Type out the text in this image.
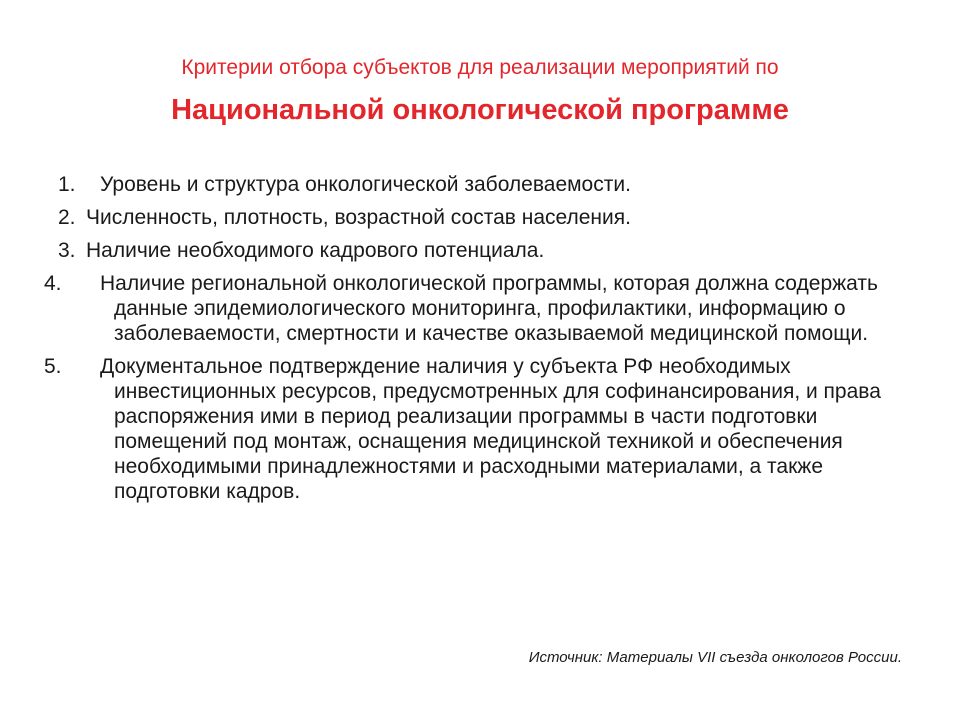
Критерии отбора субъектов для реализации мероприятий по
Национальной онкологической программе
1. Уровень и структура онкологической заболеваемости.
2. Численность, плотность, возрастной состав населения.
3. Наличие необходимого кадрового потенциала.
4. Наличие региональной онкологической программы, которая должна содержать данные эпидемиологического мониторинга, профилактики, информацию о заболеваемости, смертности и качестве оказываемой медицинской помощи.
5. Документальное подтверждение наличия у субъекта РФ необходимых инвестиционных ресурсов, предусмотренных для софинансирования, и права распоряжения ими в период реализации программы в части подготовки помещений под монтаж, оснащения медицинской техникой и обеспечения необходимыми принадлежностями и расходными материалами, а также подготовки кадров.
Источник: Материалы VII съезда онкологов России.
